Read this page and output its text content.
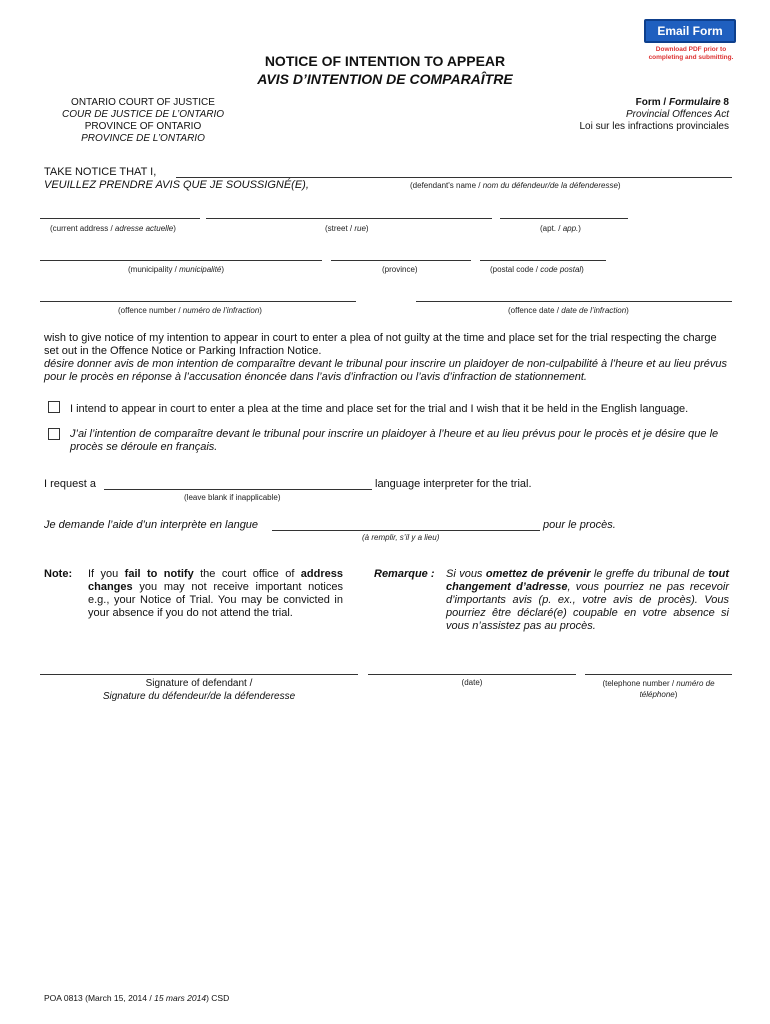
Email Form
Download PDF prior to
completing and submitting.
NOTICE OF INTENTION TO APPEAR
AVIS D’INTENTION DE COMPARAÎTRE
ONTARIO COURT OF JUSTICE
COUR DE JUSTICE DE L’ONTARIO
PROVINCE OF ONTARIO
PROVINCE DE L’ONTARIO
Form / Formulaire 8
Provincial Offences Act
Loi sur les infractions provinciales
TAKE NOTICE THAT I,
VEUILLEZ PRENDRE AVIS QUE JE SOUSSIGNÉ(E),	(defendant's name / nom du défendeur/de la défenderesse)
(current address / adresse actuelle)	(street / rue)	(apt. / app.)
(municipality / municipalité)	(province)	(postal code / code postal)
(offence number / numéro de l’infraction)	(offence date / date de l’infraction)
wish to give notice of my intention to appear in court to enter a plea of not guilty at the time and place set for the trial respecting the charge set out in the Offence Notice or Parking Infraction Notice.
désire donner avis de mon intention de comparaître devant le tribunal pour inscrire un plaidoyer de non-culpabilité à l’heure et au lieu prévus pour le procès en réponse à l’accusation énoncée dans l’avis d’infraction ou l’avis d’infraction de stationnement.
I intend to appear in court to enter a plea at the time and place set for the trial and I wish that it be held in the English language.
J’ai l’intention de comparaître devant le tribunal pour inscrire un plaidoyer à l’heure et au lieu prévus pour le procès et je désire que le procès se déroule en français.
I request a	language interpreter for the trial.
(leave blank if inapplicable)
Je demande l’aide d’un interprète en langue	pour le procès.
(à remplir, s’il y a lieu)
Note: If you fail to notify the court office of address changes you may not receive important notices e.g., your Notice of Trial. You may be convicted in your absence if you do not attend the trial.
Remarque : Si vous omettez de prévenir le greffe du tribunal de tout changement d’adresse, vous pourriez ne pas recevoir d’importants avis (p. ex., votre avis de procès). Vous pourriez être déclaré(e) coupable en votre absence si vous n’assistez pas au procès.
Signature of defendant /
Signature du défendeur/de la défenderesse
(date)	(telephone number / numéro de téléphone)
POA 0813 (March 15, 2014 / 15 mars 2014) CSD
